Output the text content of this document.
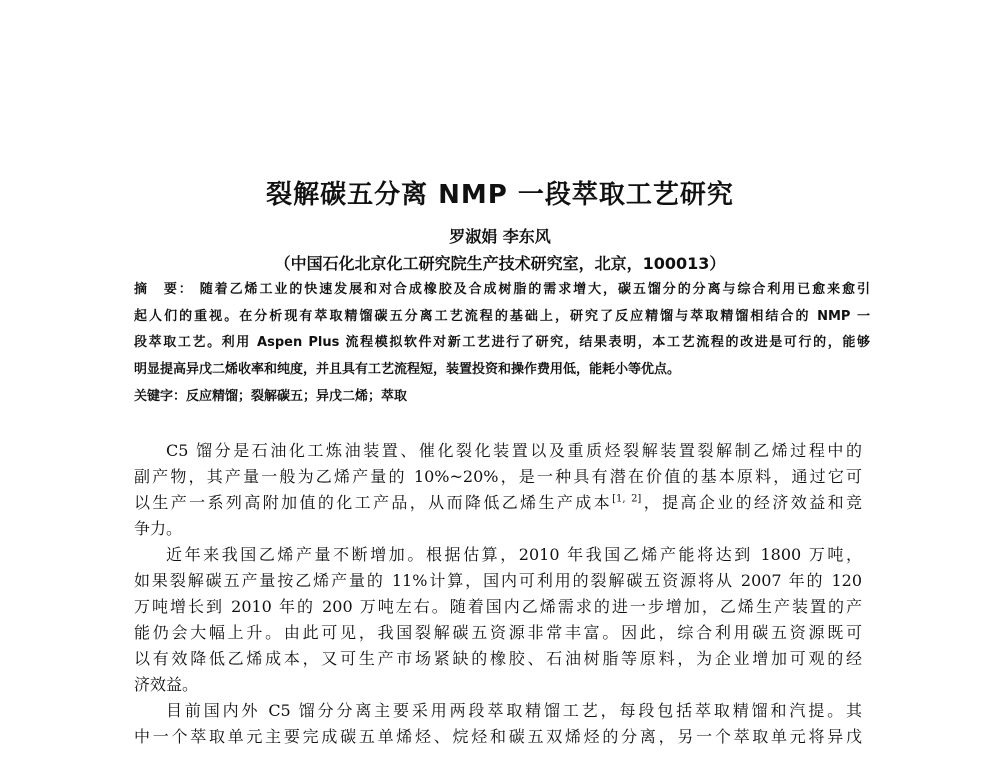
裂解碳五分离 NMP 一段萃取工艺研究
罗淑娟 李东风
（中国石化北京化工研究院生产技术研究室，北京，100013）
摘　要： 随着乙烯工业的快速发展和对合成橡胶及合成树脂的需求增大，碳五馏分的分离与综合利用已愈来愈引
起人们的重视。在分析现有萃取精馏碳五分离工艺流程的基础上，研究了反应精馏与萃取精馏相结合的 NMP 一
段萃取工艺。利用 Aspen Plus 流程模拟软件对新工艺进行了研究，结果表明，本工艺流程的改进是可行的，能够
明显提高异戊二烯收率和纯度，并且具有工艺流程短，装置投资和操作费用低，能耗小等优点。
关键字：反应精馏；裂解碳五；异戊二烯；萃取

C5 馏分是石油化工炼油装置、催化裂化装置以及重质烃裂解装置裂解制乙烯过程中的
副产物，其产量一般为乙烯产量的 10%~20%，是一种具有潜在价值的基本原料，通过它可
以生产一系列高附加值的化工产品，从而降低乙烯生产成本[1, 2]，提高企业的经济效益和竞
争力。

近年来我国乙烯产量不断增加。根据估算，2010 年我国乙烯产能将达到 1800 万吨，
如果裂解碳五产量按乙烯产量的 11%计算，国内可利用的裂解碳五资源将从 2007 年的 120
万吨增长到 2010 年的 200 万吨左右。随着国内乙烯需求的进一步增加，乙烯生产装置的产
能仍会大幅上升。由此可见，我国裂解碳五资源非常丰富。因此，综合利用碳五资源既可
以有效降低乙烯成本，又可生产市场紧缺的橡胶、石油树脂等原料，为企业增加可观的经
济效益。

目前国内外 C5 馏分分离主要采用两段萃取精馏工艺，每段包括萃取精馏和汽提。其
中一个萃取单元主要完成碳五单烯烃、烷烃和碳五双烯烃的分离，另一个萃取单元将异戊
